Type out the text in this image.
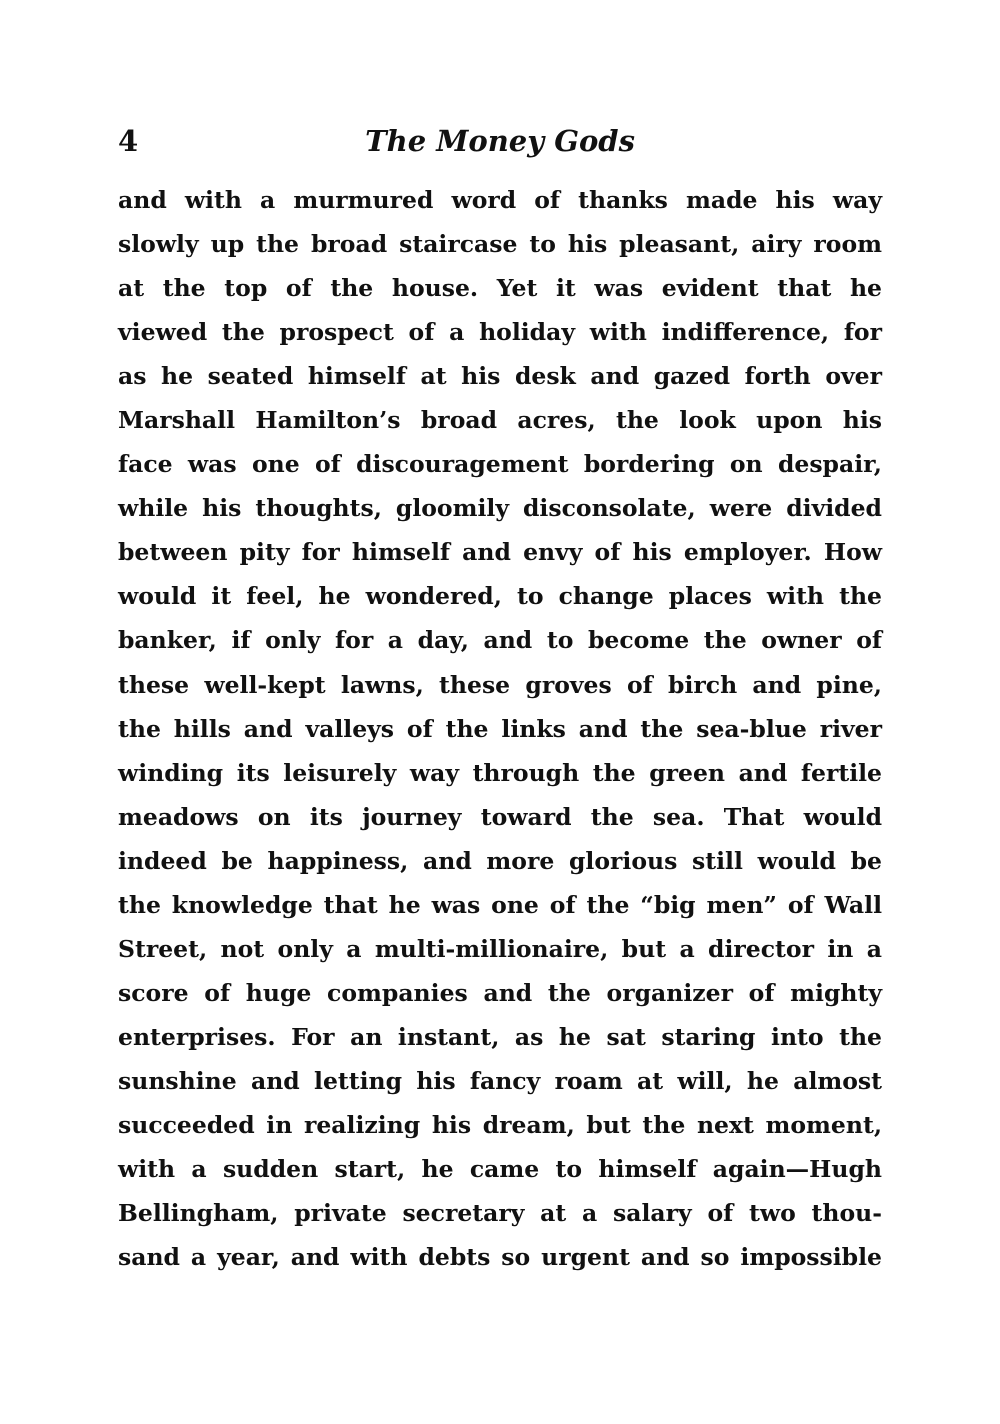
4	The Money Gods
and with a murmured word of thanks made his way
slowly up the broad staircase to his pleasant, airy room
at the top of the house. Yet it was evident that he
viewed the prospect of a holiday with indifference, for
as he seated himself at his desk and gazed forth over
Marshall Hamilton’s broad acres, the look upon his
face was one of discouragement bordering on despair,
while his thoughts, gloomily disconsolate, were divided
between pity for himself and envy of his employer. How
would it feel, he wondered, to change places with the
banker, if only for a day, and to become the owner of
these well-kept lawns, these groves of birch and pine,
the hills and valleys of the links and the sea-blue river
winding its leisurely way through the green and fertile
meadows on its journey toward the sea. That would
indeed be happiness, and more glorious still would be
the knowledge that he was one of the “big men” of Wall
Street, not only a multi-millionaire, but a director in a
score of huge companies and the organizer of mighty
enterprises. For an instant, as he sat staring into the
sunshine and letting his fancy roam at will, he almost
succeeded in realizing his dream, but the next moment,
with a sudden start, he came to himself again—Hugh
Bellingham, private secretary at a salary of two thou-
sand a year, and with debts so urgent and so impossible
